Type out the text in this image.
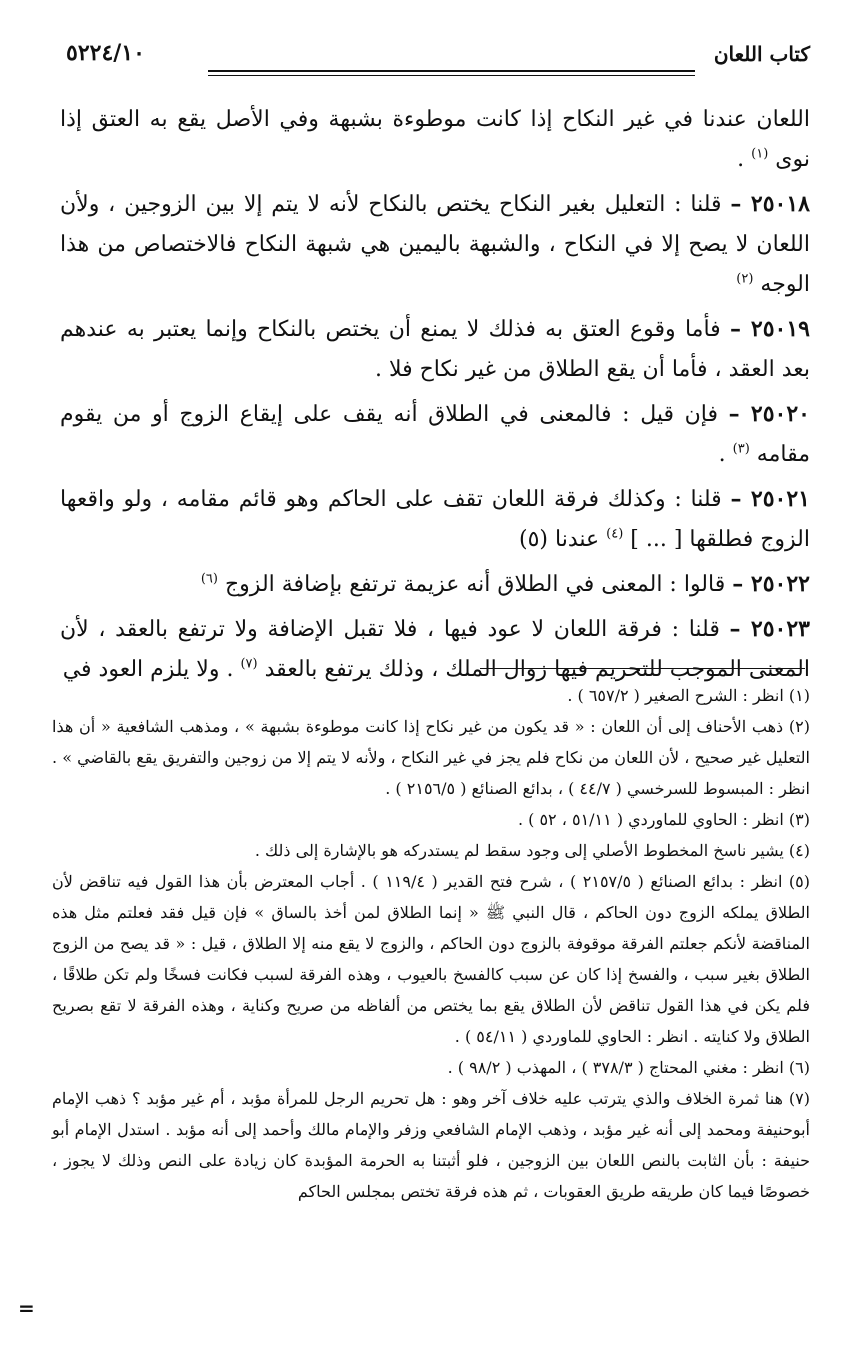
كتاب اللعان
٥٢٢٤/١٠

اللعان عندنا في غير النكاح إذا كانت موطوءة بشبهة وفي الأصل يقع به العتق إذا نوى $^{(١)}$ .

٢٥٠١٨ – قلنا : التعليل بغير النكاح يختص بالنكاح لأنه لا يتم إلا بين الزوجين ، ولأن اللعان لا يصح إلا في النكاح ، والشبهة باليمين هي شبهة النكاح فالاختصاص من هذا الوجه $^{(٢)}$

٢٥٠١٩ – فأما وقوع العتق به فذلك لا يمنع أن يختص بالنكاح وإنما يعتبر به عندهم بعد العقد ، فأما أن يقع الطلاق من غير نكاح فلا .

٢٥٠٢٠ – فإن قيل : فالمعنى في الطلاق أنه يقف على إيقاع الزوج أو من يقوم مقامه $^{(٣)}$ .

٢٥٠٢١ – قلنا : وكذلك فرقة اللعان تقف على الحاكم وهو قائم مقامه ، ولو واقعها الزوج فطلقها [ ... ] $^{(٤)}$ عندنا (٥)

٢٥٠٢٢ – قالوا : المعنى في الطلاق أنه عزيمة ترتفع بإضافة الزوج $^{(٦)}$

٢٥٠٢٣ – قلنا : فرقة اللعان لا عود فيها ، فلا تقبل الإضافة ولا ترتفع بالعقد ، لأن المعنى الموجب للتحريم فيها زوال الملك ، وذلك يرتفع بالعقد $^{(٧)}$ . ولا يلزم العود في

(١) انظر : الشرح الصغير ( ٦٥٧/٢ ) .

(٢) ذهب الأحناف إلى أن اللعان : « قد يكون من غير نكاح إذا كانت موطوءة بشبهة » ، ومذهب الشافعية « أن هذا التعليل غير صحيح ، لأن اللعان من نكاح فلم يجز في غير النكاح ، ولأنه لا يتم إلا من زوجين والتفريق يقع بالقاضي » . انظر : المبسوط للسرخسي ( ٤٤/٧ ) ، بدائع الصنائع ( ٢١٥٦/٥ ) .

(٣) انظر : الحاوي للماوردي ( ٥١/١١ ، ٥٢ ) .

(٤) يشير ناسخ المخطوط الأصلي إلى وجود سقط لم يستدركه هو بالإشارة إلى ذلك .

(٥) انظر : بدائع الصنائع ( ٢١٥٧/٥ ) ، شرح فتح القدير ( ١١٩/٤ ) . أجاب المعترض بأن هذا القول فيه تناقض لأن الطلاق يملكه الزوج دون الحاكم ، قال النبي ﷺ « إنما الطلاق لمن أخذ بالساق » فإن قيل فقد فعلتم مثل هذه المناقضة لأنكم جعلتم الفرقة موقوفة بالزوج دون الحاكم ، والزوج لا يقع منه إلا الطلاق ، قيل : « قد يصح من الزوج الطلاق بغير سبب ، والفسخ إذا كان عن سبب كالفسخ بالعيوب ، وهذه الفرقة لسبب فكانت فسخًا ولم تكن طلاقًا ، فلم يكن في هذا القول تناقض لأن الطلاق يقع بما يختص من ألفاظه من صريح وكناية ، وهذه الفرقة لا تقع بصريح الطلاق ولا كنايته . انظر : الحاوي للماوردي ( ٥٤/١١ ) .

(٦) انظر : مغني المحتاج ( ٣٧٨/٣ ) ، المهذب ( ٩٨/٢ ) .

(٧) هنا ثمرة الخلاف والذي يترتب عليه خلاف آخر وهو : هل تحريم الرجل للمرأة مؤبد ، أم غير مؤبد ؟ ذهب الإمام أبوحنيفة ومحمد إلى أنه غير مؤبد ، وذهب الإمام الشافعي وزفر والإمام مالك وأحمد إلى أنه مؤبد . استدل الإمام أبو حنيفة : بأن الثابت بالنص اللعان بين الزوجين ، فلو أثبتنا به الحرمة المؤبدة كان زيادة على النص وذلك لا يجوز ، خصوصًا فيما كان طريقه طريق العقوبات ، ثم هذه فرقة تختص بمجلس الحاكم

=
